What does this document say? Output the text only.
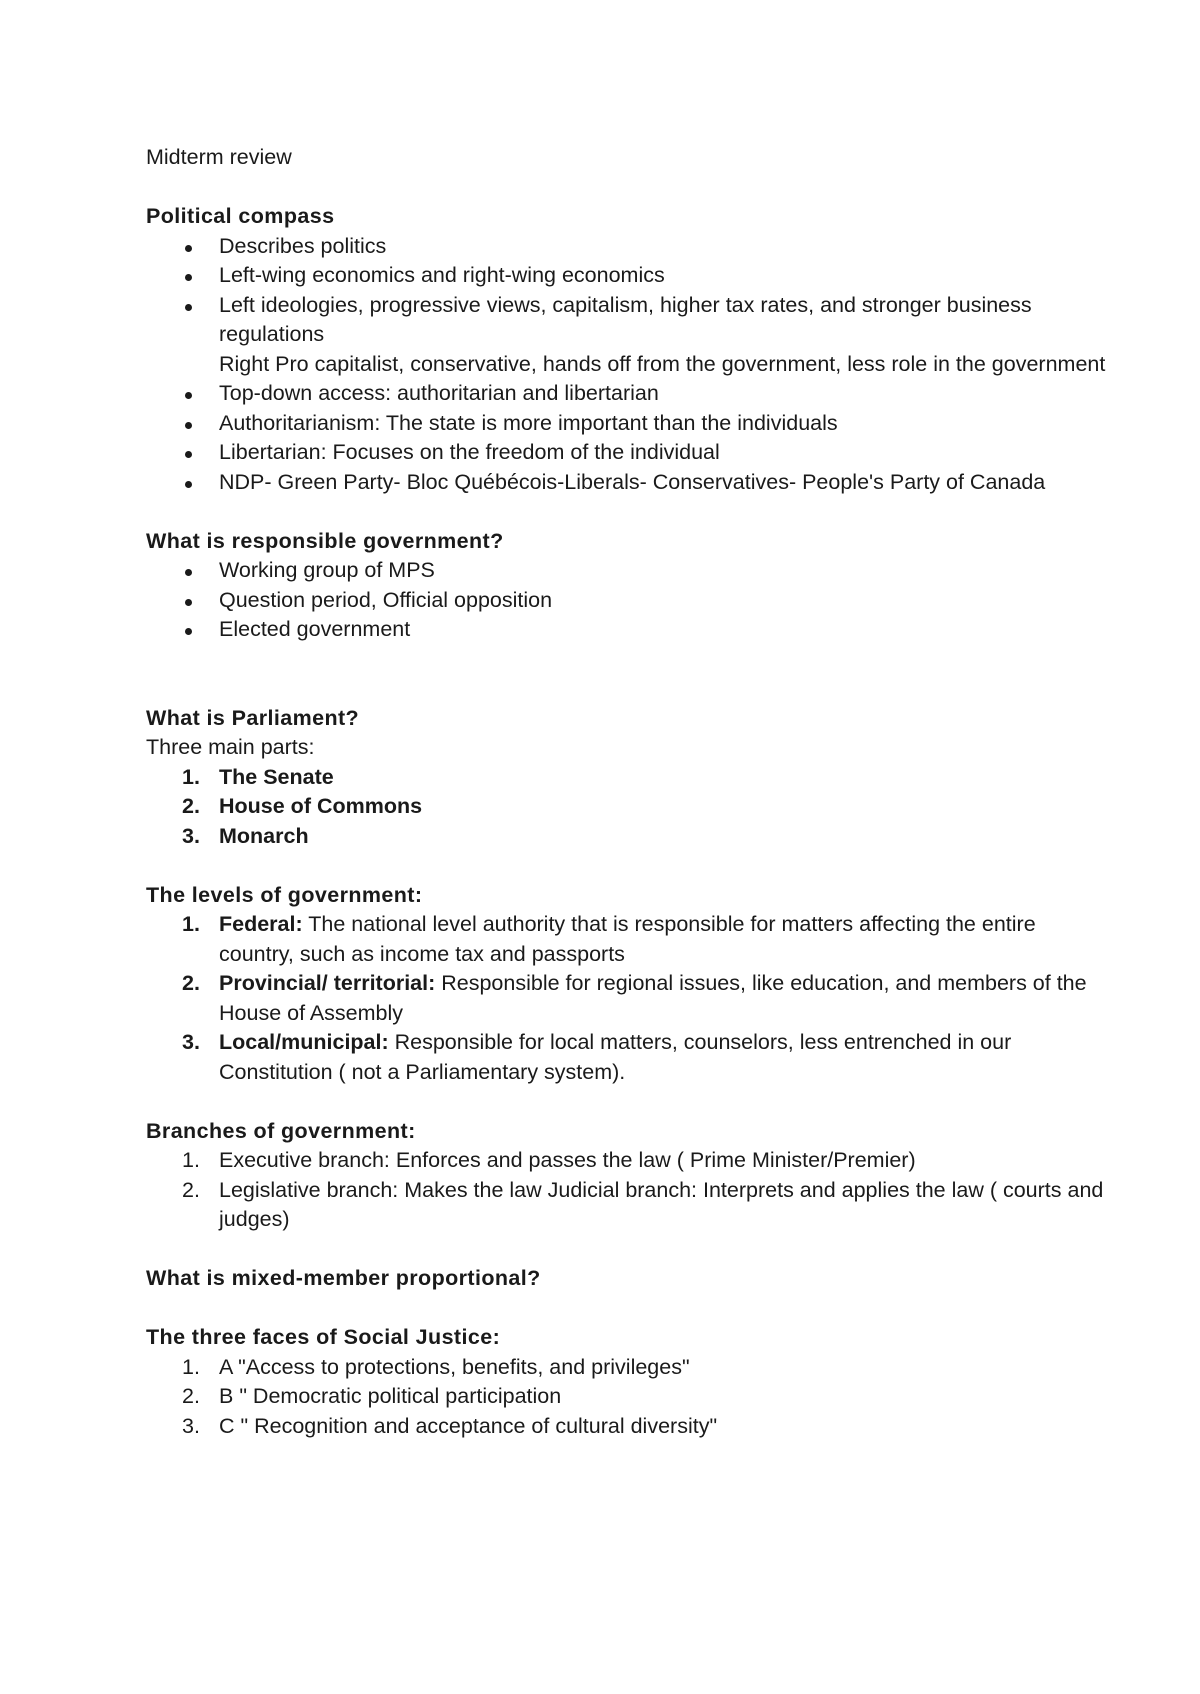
Midterm review

Political compass

Describes politics
Left-wing economics and right-wing economics
Left ideologies, progressive views, capitalism, higher tax rates, and stronger business regulations
Right Pro capitalist, conservative, hands off from the government, less role in the government
Top-down access: authoritarian and libertarian
Authoritarianism: The state is more important than the individuals
Libertarian: Focuses on the freedom of the individual
NDP- Green Party- Bloc Québécois-Liberals- Conservatives- People's Party of Canada

What is responsible government?

Working group of MPS
Question period, Official opposition
Elected government

What is Parliament?

Three main parts:

1. The Senate
2. House of Commons
3. Monarch

The levels of government:

1. Federal: The national level authority that is responsible for matters affecting the entire country, such as income tax and passports
2. Provincial/ territorial: Responsible for regional issues, like education, and members of the House of Assembly
3. Local/municipal: Responsible for local matters, counselors, less entrenched in our Constitution ( not a Parliamentary system).

Branches of government:

1. Executive branch: Enforces and passes the law ( Prime Minister/Premier)
2. Legislative branch: Makes the law Judicial branch: Interprets and applies the law ( courts and judges)

What is mixed-member proportional?

The three faces of Social Justice:

1. A "Access to protections, benefits, and privileges"
2. B " Democratic political participation
3. C " Recognition and acceptance of cultural diversity"
